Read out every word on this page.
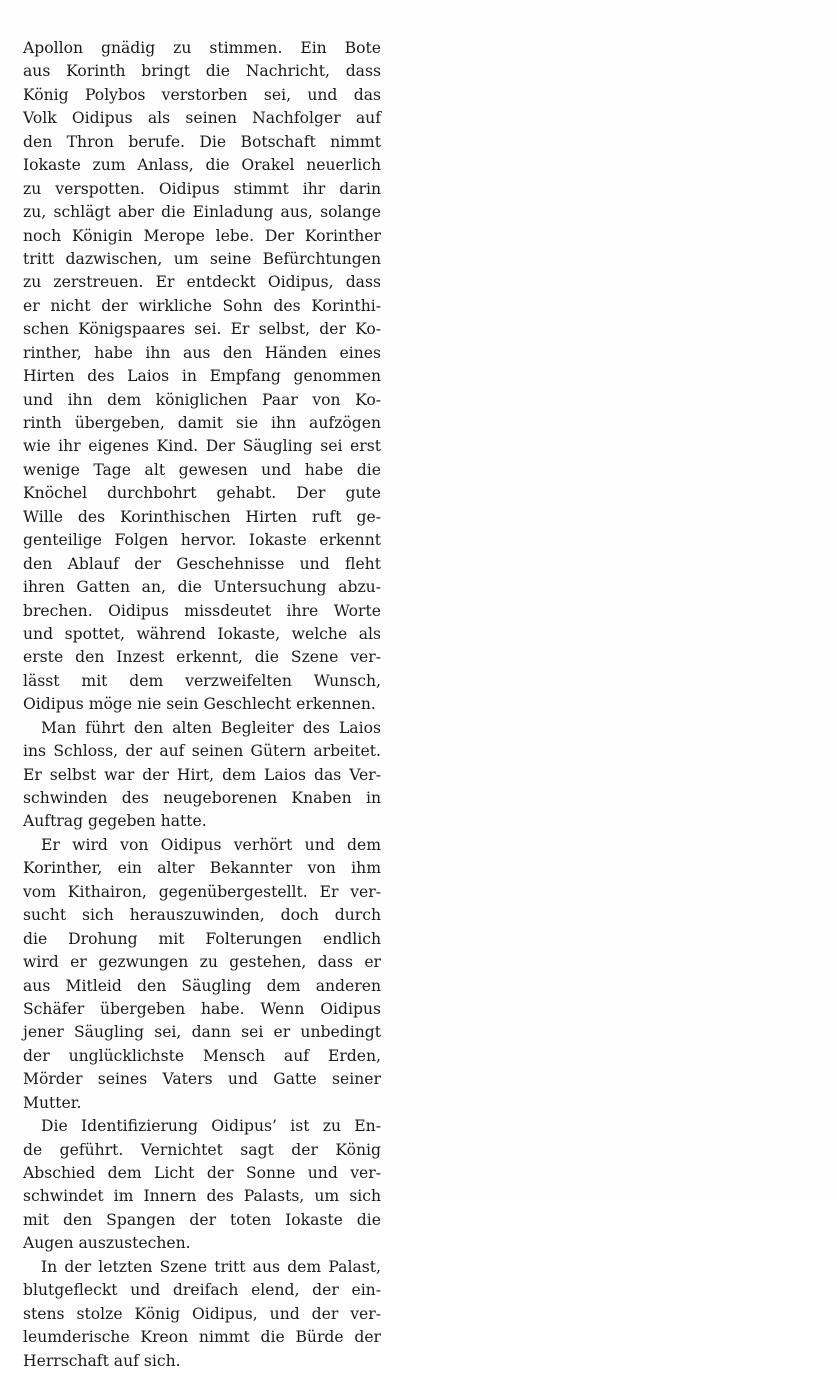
Apollon gnädig zu stimmen. Ein Bote
aus Korinth bringt die Nachricht, dass
König Polybos verstorben sei, und das
Volk Oidipus als seinen Nachfolger auf
den Thron berufe. Die Botschaft nimmt
Iokaste zum Anlass, die Orakel neuerlich
zu verspotten. Oidipus stimmt ihr darin
zu, schlägt aber die Einladung aus, solange
noch Königin Merope lebe. Der Korinther
tritt dazwischen, um seine Befürchtungen
zu zerstreuen. Er entdeckt Oidipus, dass
er nicht der wirkliche Sohn des Korinthi-
schen Königspaares sei. Er selbst, der Ko-
rinther, habe ihn aus den Händen eines
Hirten des Laios in Empfang genommen
und ihn dem königlichen Paar von Ko-
rinth übergeben, damit sie ihn aufzögen
wie ihr eigenes Kind. Der Säugling sei erst
wenige Tage alt gewesen und habe die
Knöchel durchbohrt gehabt. Der gute
Wille des Korinthischen Hirten ruft ge-
genteilige Folgen hervor. Iokaste erkennt
den Ablauf der Geschehnisse und fleht
ihren Gatten an, die Untersuchung abzu-
brechen. Oidipus missdeutet ihre Worte
und spottet, während Iokaste, welche als
erste den Inzest erkennt, die Szene ver-
lässt mit dem verzweifelten Wunsch,
Oidipus möge nie sein Geschlecht erkennen.
Man führt den alten Begleiter des Laios
ins Schloss, der auf seinen Gütern arbeitet.
Er selbst war der Hirt, dem Laios das Ver-
schwinden des neugeborenen Knaben in
Auftrag gegeben hatte.
Er wird von Oidipus verhört und dem
Korinther, ein alter Bekannter von ihm
vom Kithairon, gegenübergestellt. Er ver-
sucht sich herauszuwinden, doch durch
die Drohung mit Folterungen endlich
wird er gezwungen zu gestehen, dass er
aus Mitleid den Säugling dem anderen
Schäfer übergeben habe. Wenn Oidipus
jener Säugling sei, dann sei er unbedingt
der unglücklichste Mensch auf Erden,
Mörder seines Vaters und Gatte seiner
Mutter.
Die Identifizierung Oidipus’ ist zu En-
de geführt. Vernichtet sagt der König
Abschied dem Licht der Sonne und ver-
schwindet im Innern des Palasts, um sich
mit den Spangen der toten Iokaste die
Augen auszustechen.
In der letzten Szene tritt aus dem Palast,
blutgefleckt und dreifach elend, der ein-
stens stolze König Oidipus, und der ver-
leumderische Kreon nimmt die Bürde der
Herrschaft auf sich.
